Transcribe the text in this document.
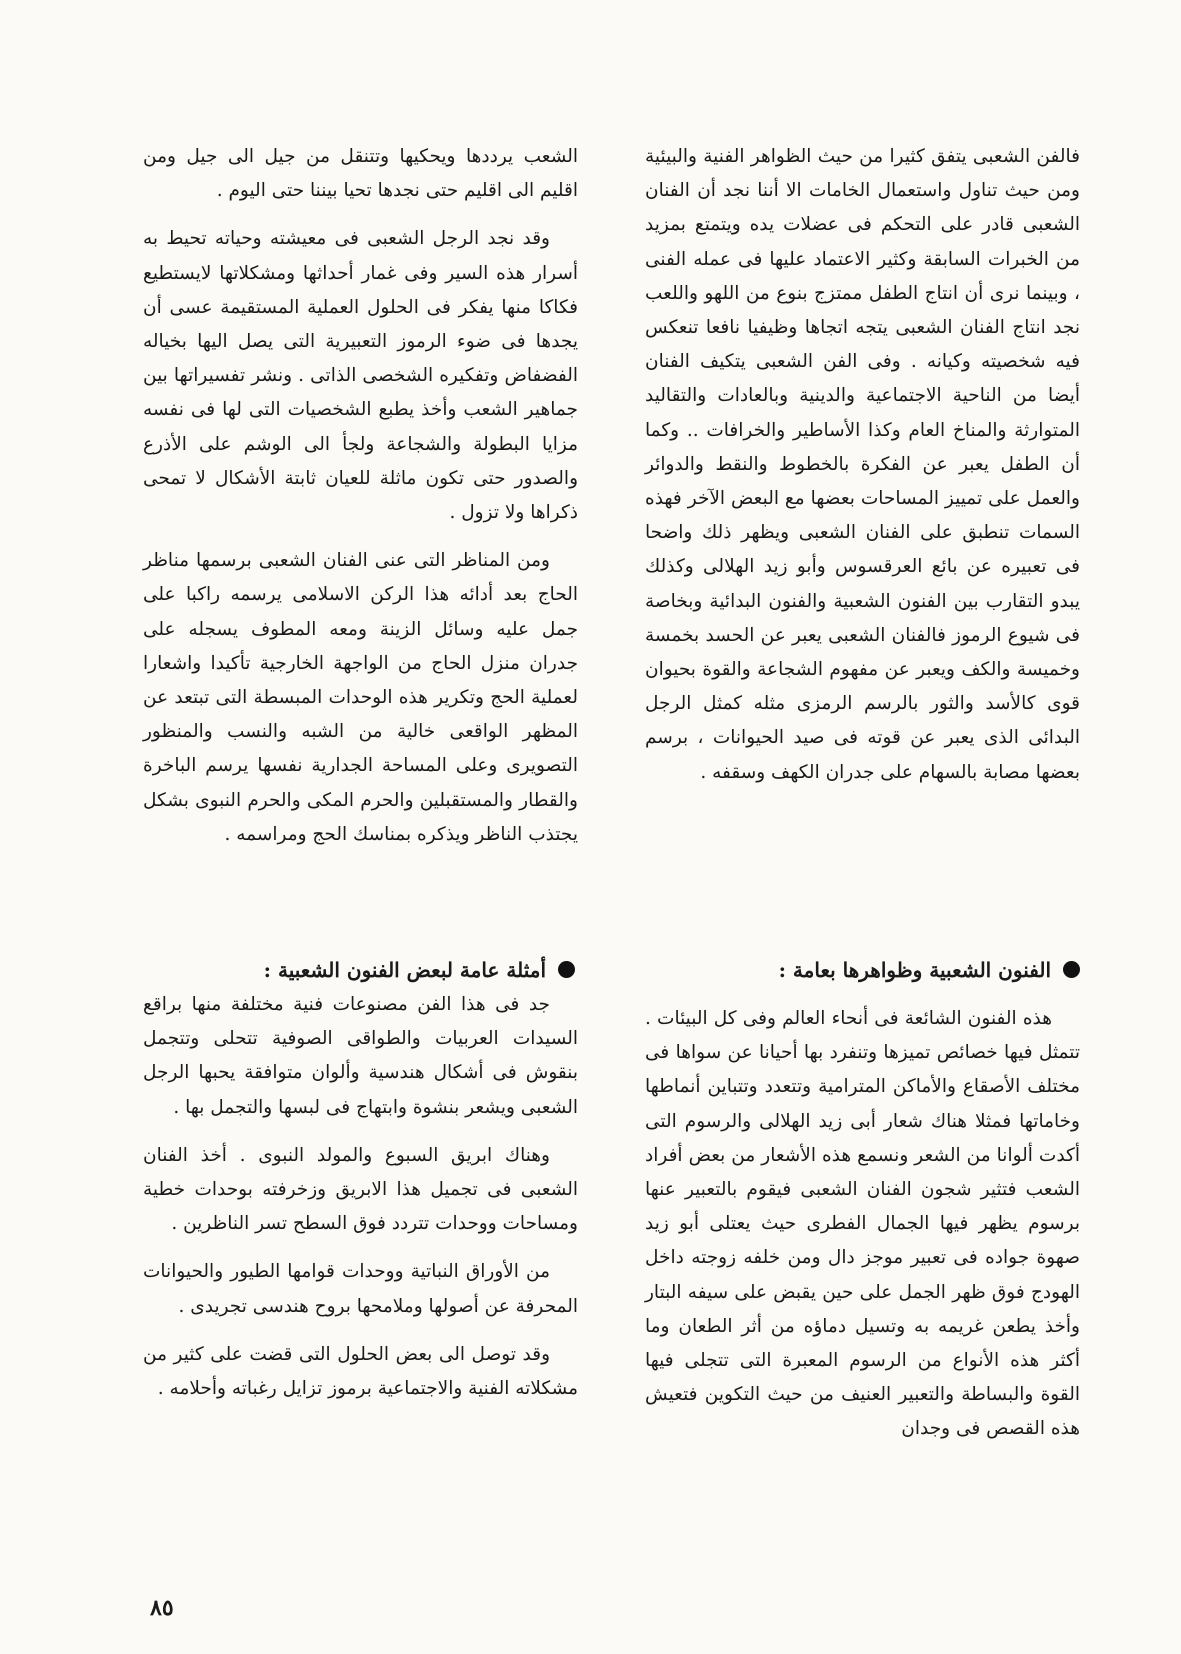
فالفن الشعبى يتفق كثيرا من حيث الظواهر الفنية والبيئية ومن حيث تناول واستعمال الخامات الا أننا نجد أن الفنان الشعبى قادر على التحكم فى عضلات يده ويتمتع بمزيد من الخبرات السابقة وكثير الاعتماد عليها فى عمله الفنى ، وبينما نرى أن انتاج الطفل ممتزج بنوع من اللهو واللعب نجد انتاج الفنان الشعبى يتجه اتجاها وظيفيا نافعا تنعكس فيه شخصيته وكيانه . وفى الفن الشعبى يتكيف الفنان أيضا من الناحية الاجتماعية والدينية وبالعادات والتقاليد المتوارثة والمناخ العام وكذا الأساطير والخرافات .. وكما أن الطفل يعبر عن الفكرة بالخطوط والنقط والدوائر والعمل على تمييز المساحات بعضها مع البعض الآخر فهذه السمات تنطبق على الفنان الشعبى ويظهر ذلك واضحا فى تعبيره عن بائع العرقسوس وأبو زيد الهلالى وكذلك يبدو التقارب بين الفنون الشعبية والفنون البدائية وبخاصة فى شيوع الرموز فالفنان الشعبى يعبر عن الحسد بخمسة وخميسة والكف ويعبر عن مفهوم الشجاعة والقوة بحيوان قوى كالأسد والثور بالرسم الرمزى مثله كمثل الرجل البدائى الذى يعبر عن قوته فى صيد الحيوانات ، برسم بعضها مصابة بالسهام على جدران الكهف وسقفه .

الفنون الشعبية وظواهرها بعامة :

هذه الفنون الشائعة فى أنحاء العالم وفى كل البيئات . تتمثل فيها خصائص تميزها وتنفرد بها أحيانا عن سواها فى مختلف الأصقاع والأماكن المترامية وتتعدد وتتباين أنماطها وخاماتها فمثلا هناك شعار أبى زيد الهلالى والرسوم التى أكدت ألوانا من الشعر ونسمع هذه الأشعار من بعض أفراد الشعب فتثير شجون الفنان الشعبى فيقوم بالتعبير عنها برسوم يظهر فيها الجمال الفطرى حيث يعتلى أبو زيد صهوة جواده فى تعبير موجز دال ومن خلفه زوجته داخل الهودج فوق ظهر الجمل على حين يقبض على سيفه البتار وأخذ يطعن غريمه به وتسيل دماؤه من أثر الطعان وما أكثر هذه الأنواع من الرسوم المعبرة التى تتجلى فيها القوة والبساطة والتعبير العنيف من حيث التكوين فتعيش هذه القصص فى وجدان

الشعب يرددها ويحكيها وتتنقل من جيل الى جيل ومن اقليم الى اقليم حتى نجدها تحيا بيننا حتى اليوم .

وقد نجد الرجل الشعبى فى معيشته وحياته تحيط به أسرار هذه السير وفى غمار أحداثها ومشكلاتها لايستطيع فكاكا منها يفكر فى الحلول العملية المستقيمة عسى أن يجدها فى ضوء الرموز التعبيرية التى يصل اليها بخياله الفضفاض وتفكيره الشخصى الذاتى . ونشر تفسيراتها بين جماهير الشعب وأخذ يطبع الشخصيات التى لها فى نفسه مزايا البطولة والشجاعة ولجأ الى الوشم على الأذرع والصدور حتى تكون ماثلة للعيان ثابتة الأشكال لا تمحى ذكراها ولا تزول .

ومن المناظر التى عنى الفنان الشعبى برسمها مناظر الحاج بعد أدائه هذا الركن الاسلامى يرسمه راكبا على جمل عليه وسائل الزينة ومعه المطوف يسجله على جدران منزل الحاج من الواجهة الخارجية تأكيدا واشعارا لعملية الحج وتكرير هذه الوحدات المبسطة التى تبتعد عن المظهر الواقعى خالية من الشبه والنسب والمنظور التصويرى وعلى المساحة الجدارية نفسها يرسم الباخرة والقطار والمستقبلين والحرم المكى والحرم النبوى بشكل يجتذب الناظر ويذكره بمناسك الحج ومراسمه .

أمثلة عامة لبعض الفنون الشعبية :

جد فى هذا الفن مصنوعات فنية مختلفة منها براقع السيدات العربيات والطواقى الصوفية تتحلى وتتجمل بنقوش فى أشكال هندسية وألوان متوافقة يحبها الرجل الشعبى ويشعر بنشوة وابتهاج فى لبسها والتجمل بها .

وهناك ابريق السبوع والمولد النبوى . أخذ الفنان الشعبى فى تجميل هذا الابريق وزخرفته بوحدات خطية ومساحات ووحدات تتردد فوق السطح تسر الناظرين .

من الأوراق النباتية ووحدات قوامها الطيور والحيوانات المحرفة عن أصولها وملامحها بروح هندسى تجريدى .

وقد توصل الى بعض الحلول التى قضت على كثير من مشكلاته الفنية والاجتماعية برموز تزايل رغباته وأحلامه .

٨٥
